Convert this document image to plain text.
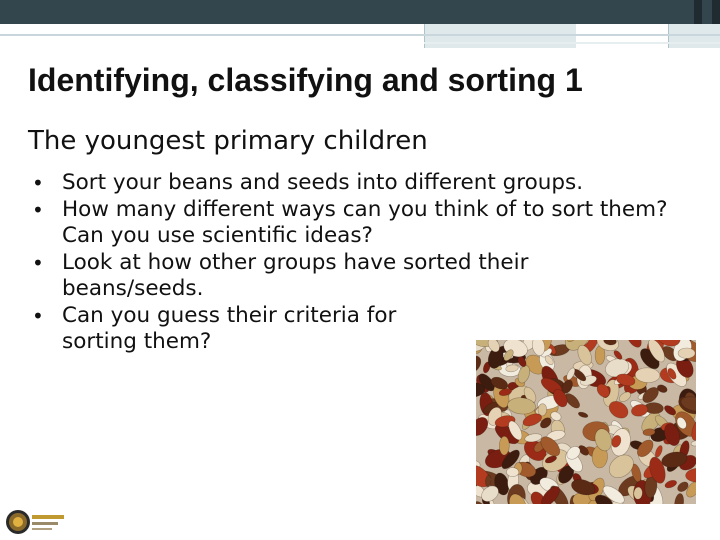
Identifying, classifying and sorting 1
The youngest primary children
• Sort your beans and seeds into different groups.
• How many different ways can you think of to sort them? Can you use scientific ideas?
• Look at how other groups have sorted their beans/seeds.
• Can you guess their criteria for sorting them?
